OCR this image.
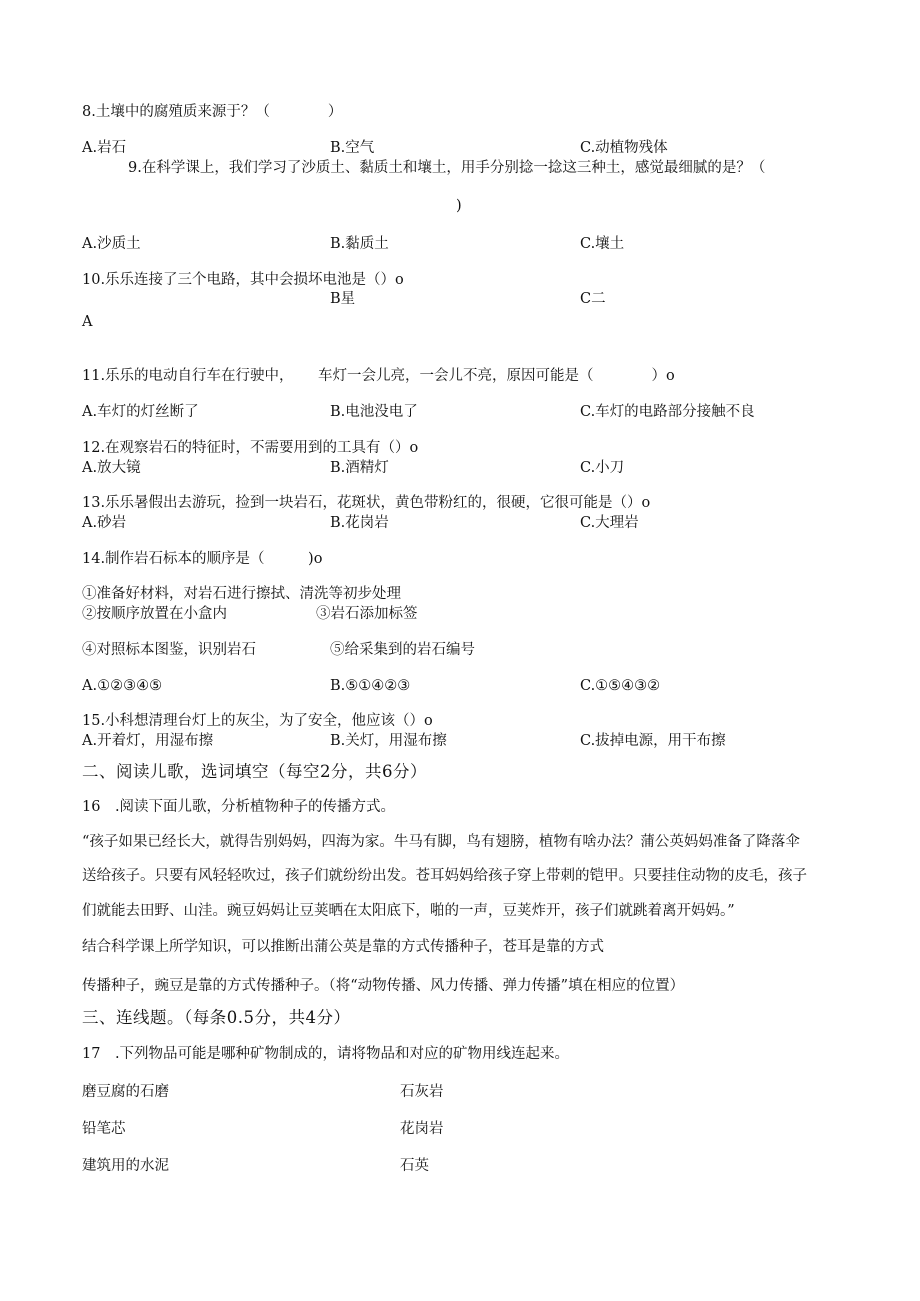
8.土壤中的腐殖质来源于？（　　　　）
A.岩石	B.空气	C.动植物残体
9.在科学课上，我们学习了沙质土、黏质土和壤土，用手分别捻一捻这三种土，感觉最细腻的是？（
)
A.沙质土	B.黏质土	C.壤土
10.乐乐连接了三个电路，其中会损坏电池是（）o
B星	C二
A
11.乐乐的电动自行车在行驶中， 车灯一会儿亮，一会儿不亮，原因可能是（　　　　）o
A.车灯的灯丝断了	B.电池没电了	C.车灯的电路部分接触不良
12.在观察岩石的特征时，不需要用到的工具有（）o
A.放大镜	B.酒精灯	C.小刀
13.乐乐暑假出去游玩，捡到一块岩石，花斑状，黄色带粉红的，很硬，它很可能是（）o
A.砂岩	B.花岗岩	C.大理岩
14.制作岩石标本的顺序是（　　　)o
①准备好材料，对岩石进行擦拭、清洗等初步处理
②按顺序放置在小盒内	③岩石添加标签
④对照标本图鉴，识别岩石	⑤给采集到的岩石编号
A.①②③④⑤	B.⑤①④②③	C.①⑤④③②
15.小科想清理台灯上的灰尘，为了安全，他应该（）o
A.开着灯，用湿布擦	B.关灯，用湿布擦	C.拔掉电源，用干布擦
二、阅读儿歌，选词填空（每空2分，共6分）
16　.阅读下面儿歌，分析植物种子的传播方式。
“孩子如果已经长大，就得告别妈妈，四海为家。牛马有脚，鸟有翅膀，植物有啥办法？蒲公英妈妈准备了降落伞
送给孩子。只要有风轻轻吹过，孩子们就纷纷出发。苍耳妈妈给孩子穿上带刺的铠甲。只要挂住动物的皮毛，孩子
们就能去田野、山洼。豌豆妈妈让豆荚晒在太阳底下，啪的一声，豆荚炸开，孩子们就跳着离开妈妈。”
结合科学课上所学知识，可以推断出蒲公英是靠的方式传播种子，苍耳是靠的方式
传播种子，豌豆是靠的方式传播种子。（将“动物传播、风力传播、弹力传播”填在相应的位置）
三、连线题。（每条0.5分，共4分）
17　.下列物品可能是哪种矿物制成的，请将物品和对应的矿物用线连起来。
磨豆腐的石磨	石灰岩
铅笔芯	花岗岩
建筑用的水泥	石英
